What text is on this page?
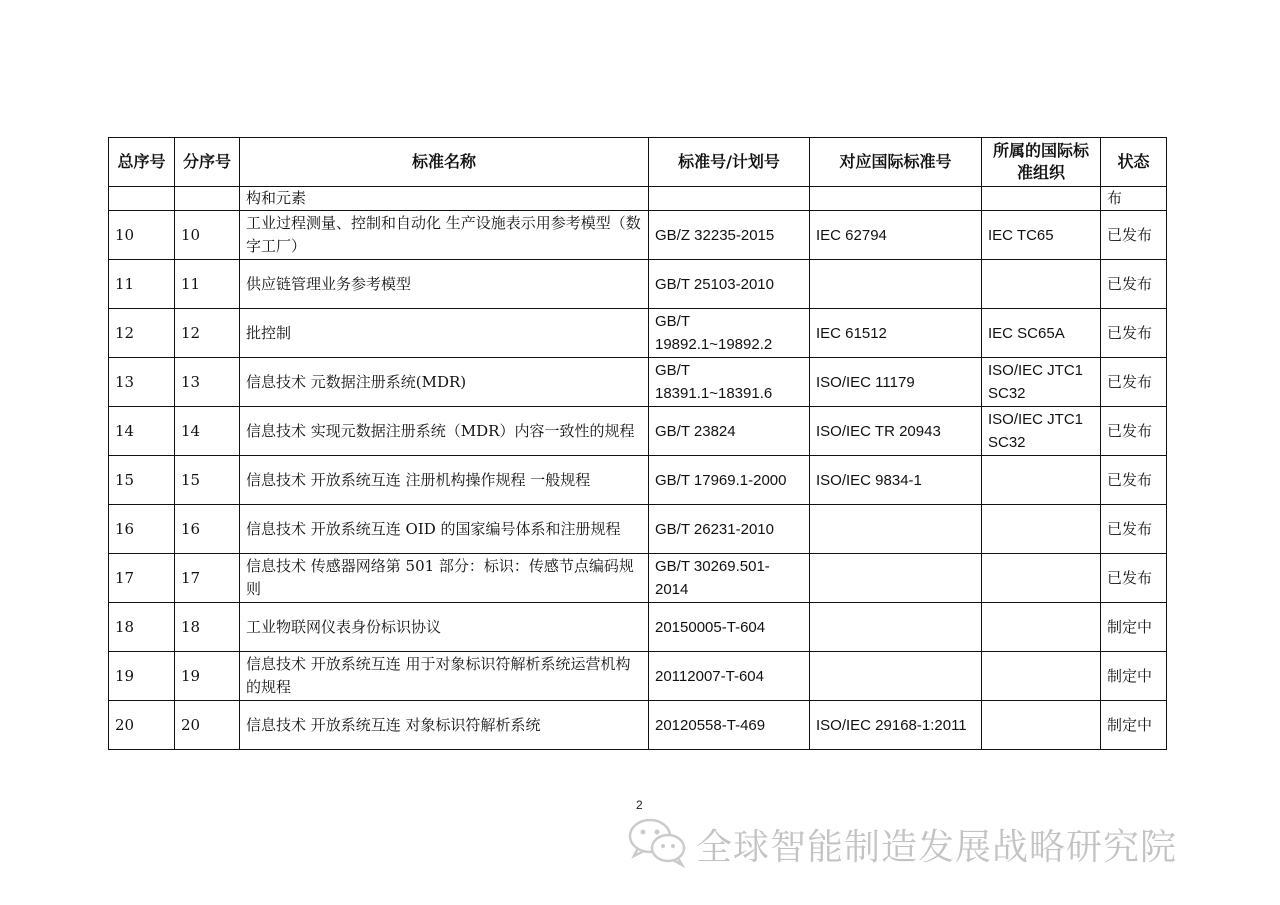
总序号	分序号	标准名称	标准号/计划号	对应国际标准号	所属的国际标准组织	状态
		构和元素				布
10	10	工业过程测量、控制和自动化 生产设施表示用参考模型（数字工厂）	GB/Z 32235-2015	IEC 62794	IEC TC65	已发布
11	11	供应链管理业务参考模型	GB/T 25103-2010			已发布
12	12	批控制	GB/T 19892.1~19892.2	IEC 61512	IEC SC65A	已发布
13	13	信息技术 元数据注册系统(MDR)	GB/T 18391.1~18391.6	ISO/IEC 11179	ISO/IEC JTC1 SC32	已发布
14	14	信息技术 实现元数据注册系统（MDR）内容一致性的规程	GB/T 23824	ISO/IEC TR 20943	ISO/IEC JTC1 SC32	已发布
15	15	信息技术 开放系统互连 注册机构操作规程 一般规程	GB/T 17969.1-2000	ISO/IEC 9834-1		已发布
16	16	信息技术 开放系统互连 OID 的国家编号体系和注册规程	GB/T 26231-2010			已发布
17	17	信息技术 传感器网络第 501 部分：标识：传感节点编码规则	GB/T 30269.501-2014			已发布
18	18	工业物联网仪表身份标识协议	20150005-T-604			制定中
19	19	信息技术 开放系统互连 用于对象标识符解析系统运营机构的规程	20112007-T-604			制定中
20	20	信息技术 开放系统互连 对象标识符解析系统	20120558-T-469	ISO/IEC 29168-1:2011		制定中
2
全球智能制造发展战略研究院
